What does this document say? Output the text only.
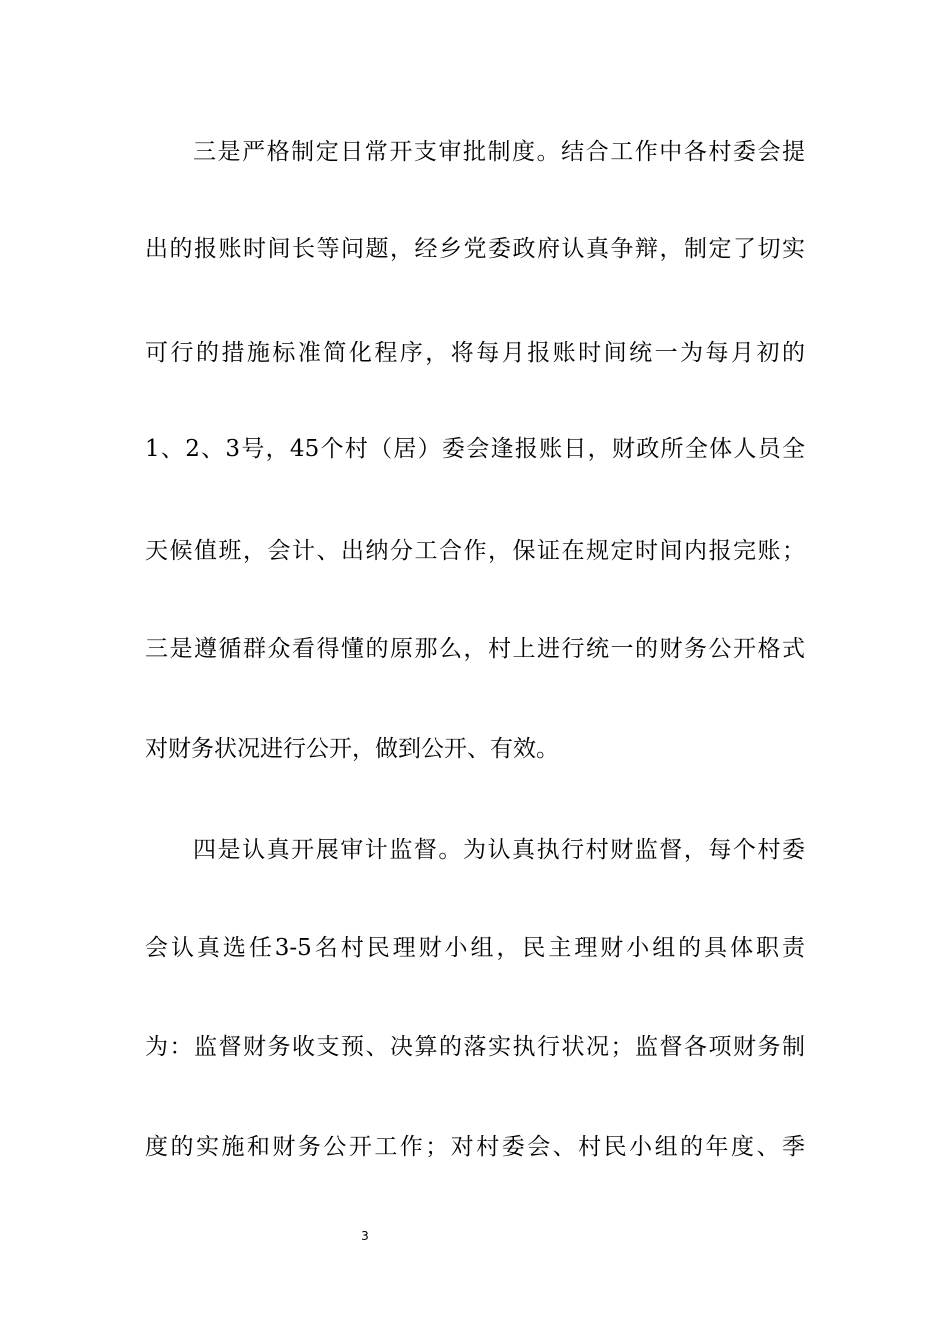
三是严格制定日常开支审批制度。结合工作中各村委会提
出的报账时间长等问题，经乡党委政府认真争辩，制定了切实
可行的措施标准简化程序，将每月报账时间统一为每月初的
1、2、3号，45个村（居）委会逢报账日，财政所全体人员全
天候值班，会计、出纳分工合作，保证在规定时间内报完账；
三是遵循群众看得懂的原那么，村上进行统一的财务公开格式
对财务状况进行公开，做到公开、有效。
四是认真开展审计监督。为认真执行村财监督，每个村委
会认真选任3-5名村民理财小组，民主理财小组的具体职责
为：监督财务收支预、决算的落实执行状况；监督各项财务制
度的实施和财务公开工作；对村委会、村民小组的年度、季
3
